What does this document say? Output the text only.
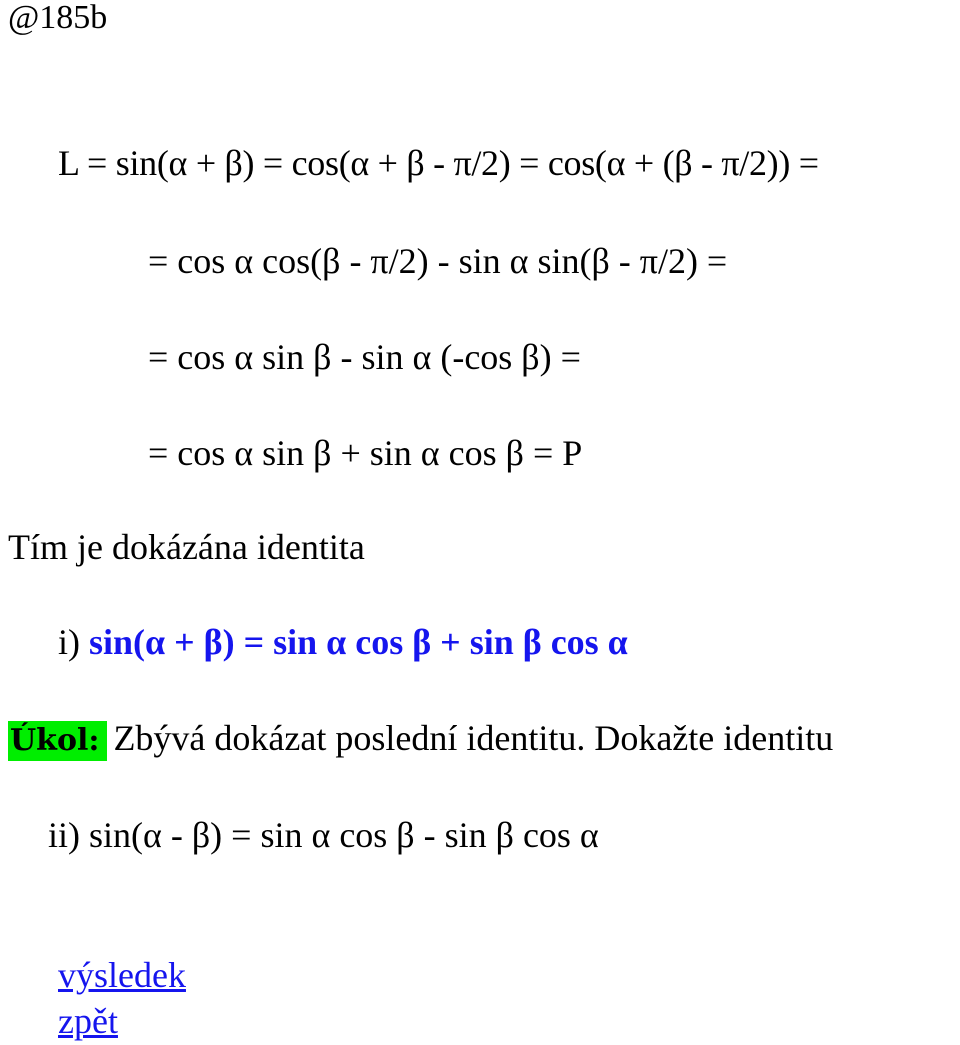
@185b
L = sin(α + β) = cos(α + β - π/2) = cos(α + (β - π/2)) =
= cos α cos(β - π/2) - sin α sin(β - π/2) =
= cos α sin β - sin α (-cos β) =
= cos α sin β + sin α cos β = P
Tím je dokázána identita
i) sin(α + β) = sin α cos β + sin β cos α
Úkol: Zbývá dokázat poslední identitu. Dokažte identitu
ii) sin(α - β) = sin α cos β - sin β cos α
výsledek
zpět
